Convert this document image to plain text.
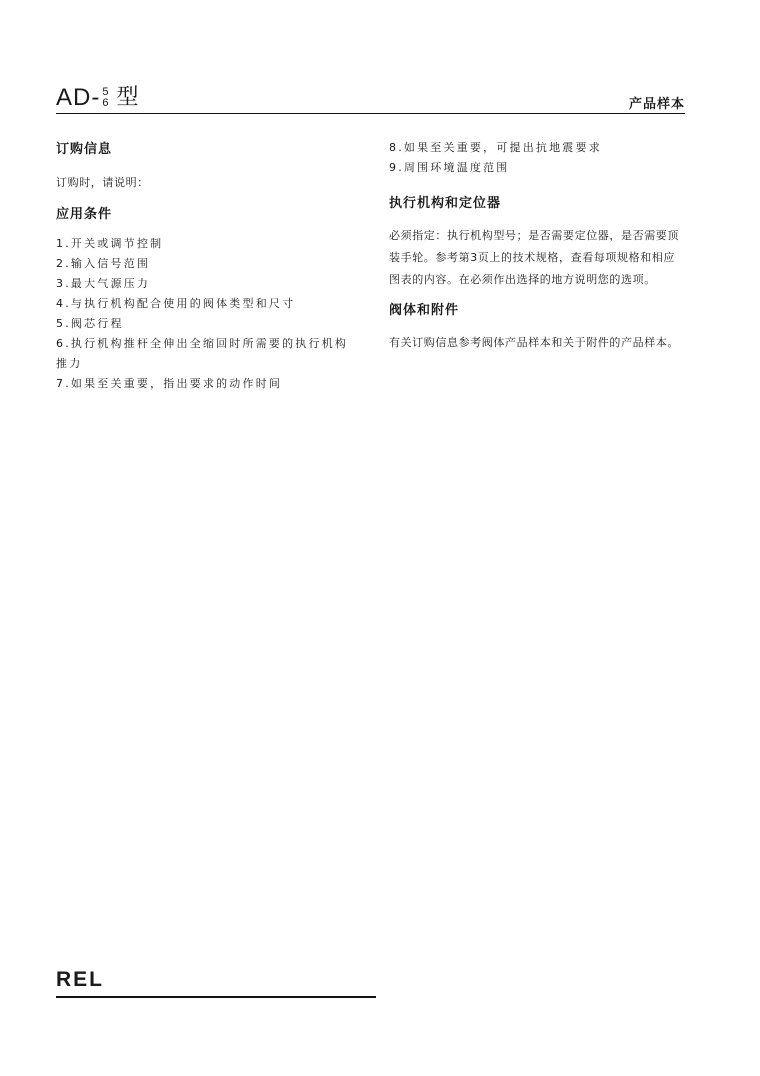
AD- 5
6 型	产品样本
订购信息

订购时，请说明：

应用条件
1.开关或调节控制
2.输入信号范围
3.最大气源压力
4.与执行机构配合使用的阀体类型和尺寸
5.阀芯行程
6.执行机构推杆全伸出全缩回时所需要的执行机构推力
7.如果至关重要，指出要求的动作时间
8.如果至关重要，可提出抗地震要求
9.周围环境温度范围
执行机构和定位器

必须指定：执行机构型号；是否需要定位器，是否需要顶装手轮。参考第3页上的技术规格，查看每项规格和相应图表的内容。在必须作出选择的地方说明您的选项。

阀体和附件

有关订购信息参考阀体产品样本和关于附件的产品样本。

REL
